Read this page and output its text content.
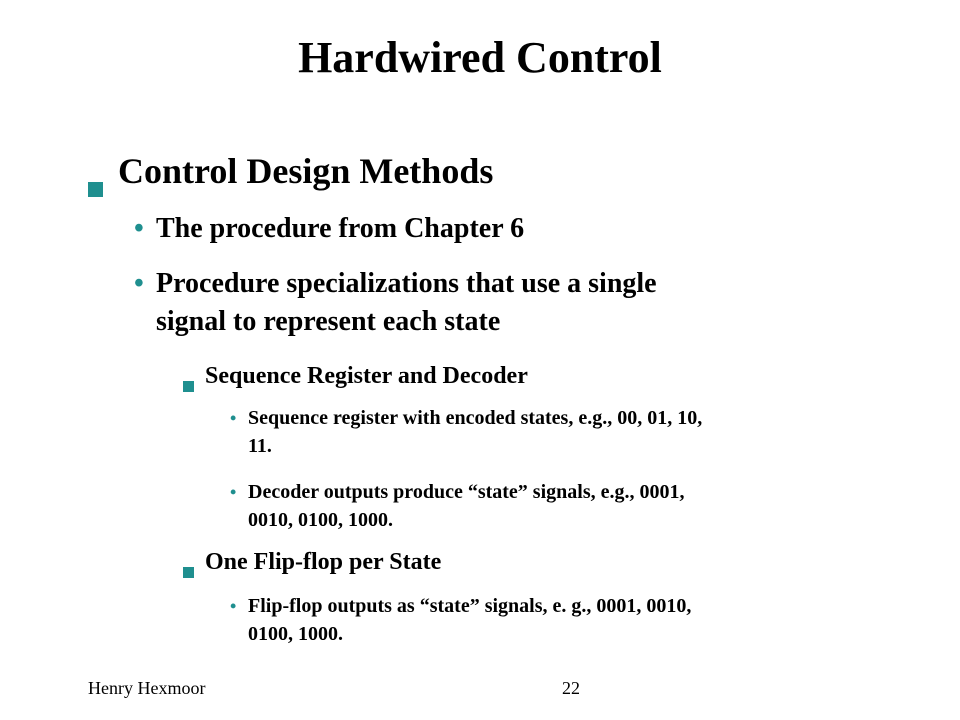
Hardwired Control
Control Design Methods
• The procedure from Chapter 6
• Procedure specializations that use a single
signal to represent each state
Sequence Register and Decoder
• Sequence register with encoded states, e.g., 00, 01, 10,
11.
• Decoder outputs produce “state” signals, e.g., 0001,
0010, 0100, 1000.
One Flip-flop per State
• Flip-flop outputs as “state” signals, e. g., 0001, 0010,
0100, 1000.
Henry Hexmoor	22
